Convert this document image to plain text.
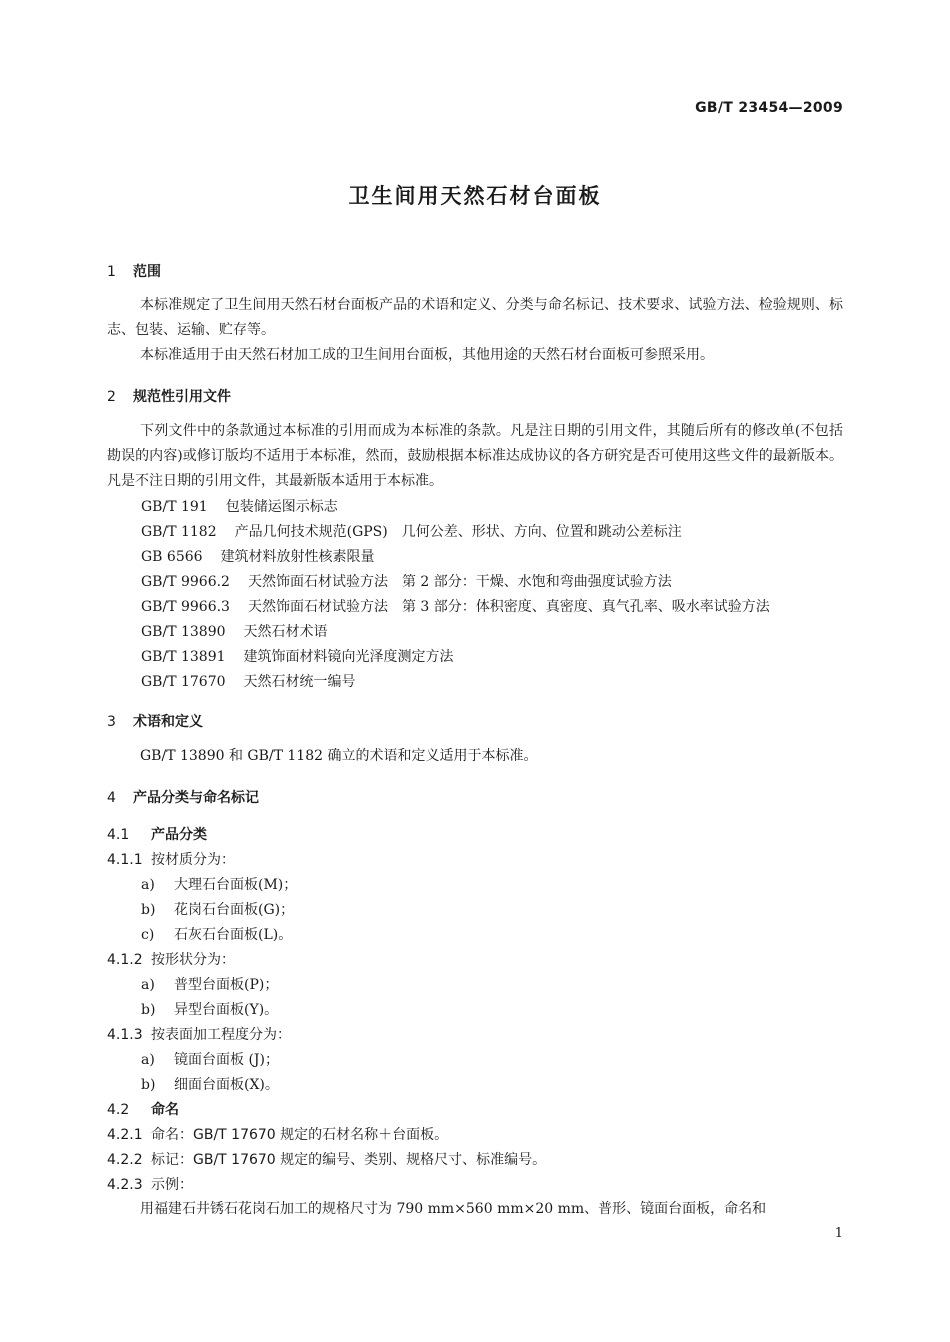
GB/T 23454—2009
卫生间用天然石材台面板
1 范围
本标准规定了卫生间用天然石材台面板产品的术语和定义、分类与命名标记、技术要求、试验方法、检验规则、标志、包装、运输、贮存等。
本标准适用于由天然石材加工成的卫生间用台面板，其他用途的天然石材台面板可参照采用。
2 规范性引用文件
下列文件中的条款通过本标准的引用而成为本标准的条款。凡是注日期的引用文件，其随后所有的修改单(不包括勘误的内容)或修订版均不适用于本标准，然而，鼓励根据本标准达成协议的各方研究是否可使用这些文件的最新版本。凡是不注日期的引用文件，其最新版本适用于本标准。
GB/T 191 包装储运图示标志
GB/T 1182 产品几何技术规范(GPS)　几何公差、形状、方向、位置和跳动公差标注
GB 6566 建筑材料放射性核素限量
GB/T 9966.2 天然饰面石材试验方法　第 2 部分：干燥、水饱和弯曲强度试验方法
GB/T 9966.3 天然饰面石材试验方法　第 3 部分：体积密度、真密度、真气孔率、吸水率试验方法
GB/T 13890 天然石材术语
GB/T 13891 建筑饰面材料镜向光泽度测定方法
GB/T 17670 天然石材统一编号
3 术语和定义
GB/T 13890 和 GB/T 1182 确立的术语和定义适用于本标准。
4 产品分类与命名标记
4.1 产品分类
4.1.1 按材质分为：
a) 大理石台面板(M)；
b) 花岗石台面板(G)；
c) 石灰石台面板(L)。
4.1.2 按形状分为：
a) 普型台面板(P)；
b) 异型台面板(Y)。
4.1.3 按表面加工程度分为：
a) 镜面台面板 (J)；
b) 细面台面板(X)。
4.2 命名
4.2.1 命名：GB/T 17670 规定的石材名称＋台面板。
4.2.2 标记：GB/T 17670 规定的编号、类别、规格尺寸、标准编号。
4.2.3 示例：
用福建石井锈石花岗石加工的规格尺寸为 790 mm×560 mm×20 mm、普形、镜面台面板，命名和
1
